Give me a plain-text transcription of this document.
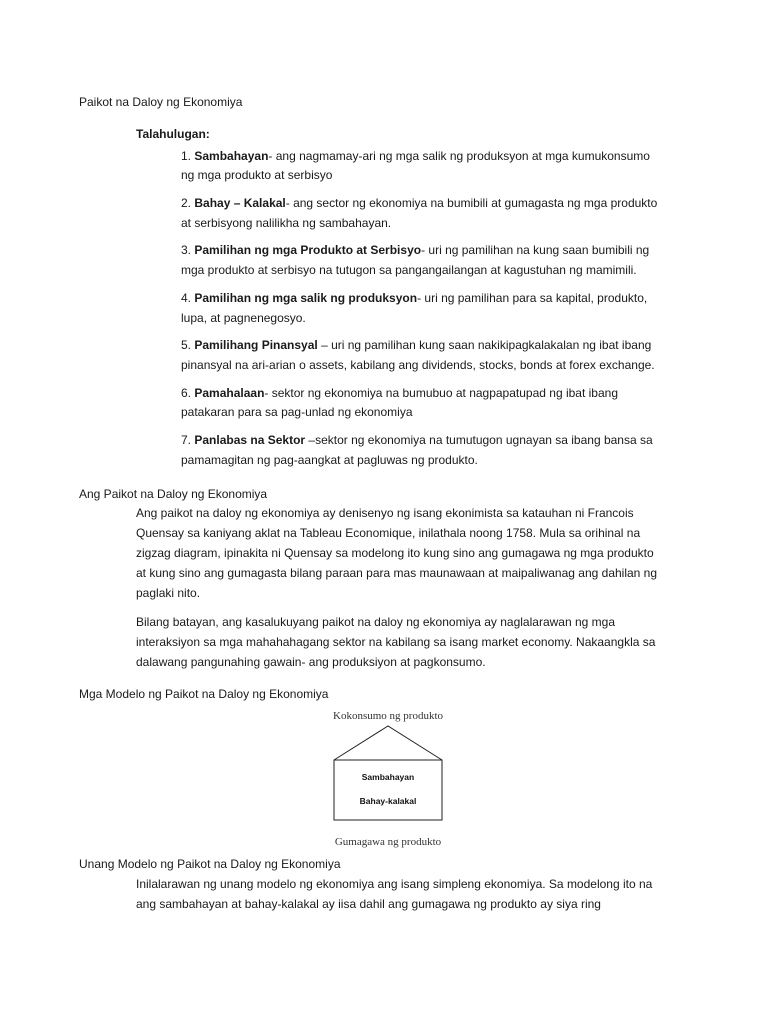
Paikot na Daloy ng Ekonomiya
Talahulugan:
1. Sambahayan- ang nagmamay-ari ng mga salik ng produksyon at mga kumukonsumo
ng mga produkto at serbisyo
2. Bahay – Kalakal- ang sector ng ekonomiya na bumibili at gumagasta ng mga produkto
at serbisyong nalilikha ng sambahayan.
3. Pamilihan ng mga Produkto at Serbisyo- uri ng pamilihan na kung saan bumibili ng
mga produkto at serbisyo na tutugon sa pangangailangan at kagustuhan ng mamimili.
4. Pamilihan ng mga salik ng produksyon- uri ng pamilihan para sa kapital, produkto,
lupa, at pagnenegosyo.
5. Pamilihang Pinansyal – uri ng pamilihan kung saan nakikipagkalakalan ng ibat ibang
pinansyal na ari-arian o assets, kabilang ang dividends, stocks, bonds at forex exchange.
6. Pamahalaan- sektor ng ekonomiya na bumubuo at nagpapatupad ng ibat ibang
patakaran para sa pag-unlad ng ekonomiya
7. Panlabas na Sektor –sektor ng ekonomiya na tumutugon ugnayan sa ibang bansa sa
pamamagitan ng pag-aangkat at pagluwas ng produkto.
Ang Paikot na Daloy ng Ekonomiya
Ang paikot na daloy ng ekonomiya ay denisenyo ng isang ekonimista sa katauhan ni Francois
Quensay sa kaniyang aklat na Tableau Economique, inilathala noong 1758. Mula sa orihinal na
zigzag diagram, ipinakita ni Quensay sa modelong ito kung sino ang gumagawa ng mga produkto
at kung sino ang gumagasta bilang paraan para mas maunawaan at maipaliwanag ang dahilan ng
paglaki nito.
Bilang batayan, ang kasalukuyang paikot na daloy ng ekonomiya ay naglalarawan ng mga
interaksiyon sa mga mahahahagang sektor na kabilang sa isang market economy. Nakaangkla sa
dalawang pangunahing gawain- ang produksiyon at pagkonsumo.
Mga Modelo ng Paikot na Daloy ng Ekonomiya
Kokonsumo ng produkto
Sambahayan
Bahay-kalakal
Gumagawa ng produkto
Unang Modelo ng Paikot na Daloy ng Ekonomiya
Inilalarawan ng unang modelo ng ekonomiya ang isang simpleng ekonomiya. Sa modelong ito na
ang sambahayan at bahay-kalakal ay iisa dahil ang gumagawa ng produkto ay siya ring
